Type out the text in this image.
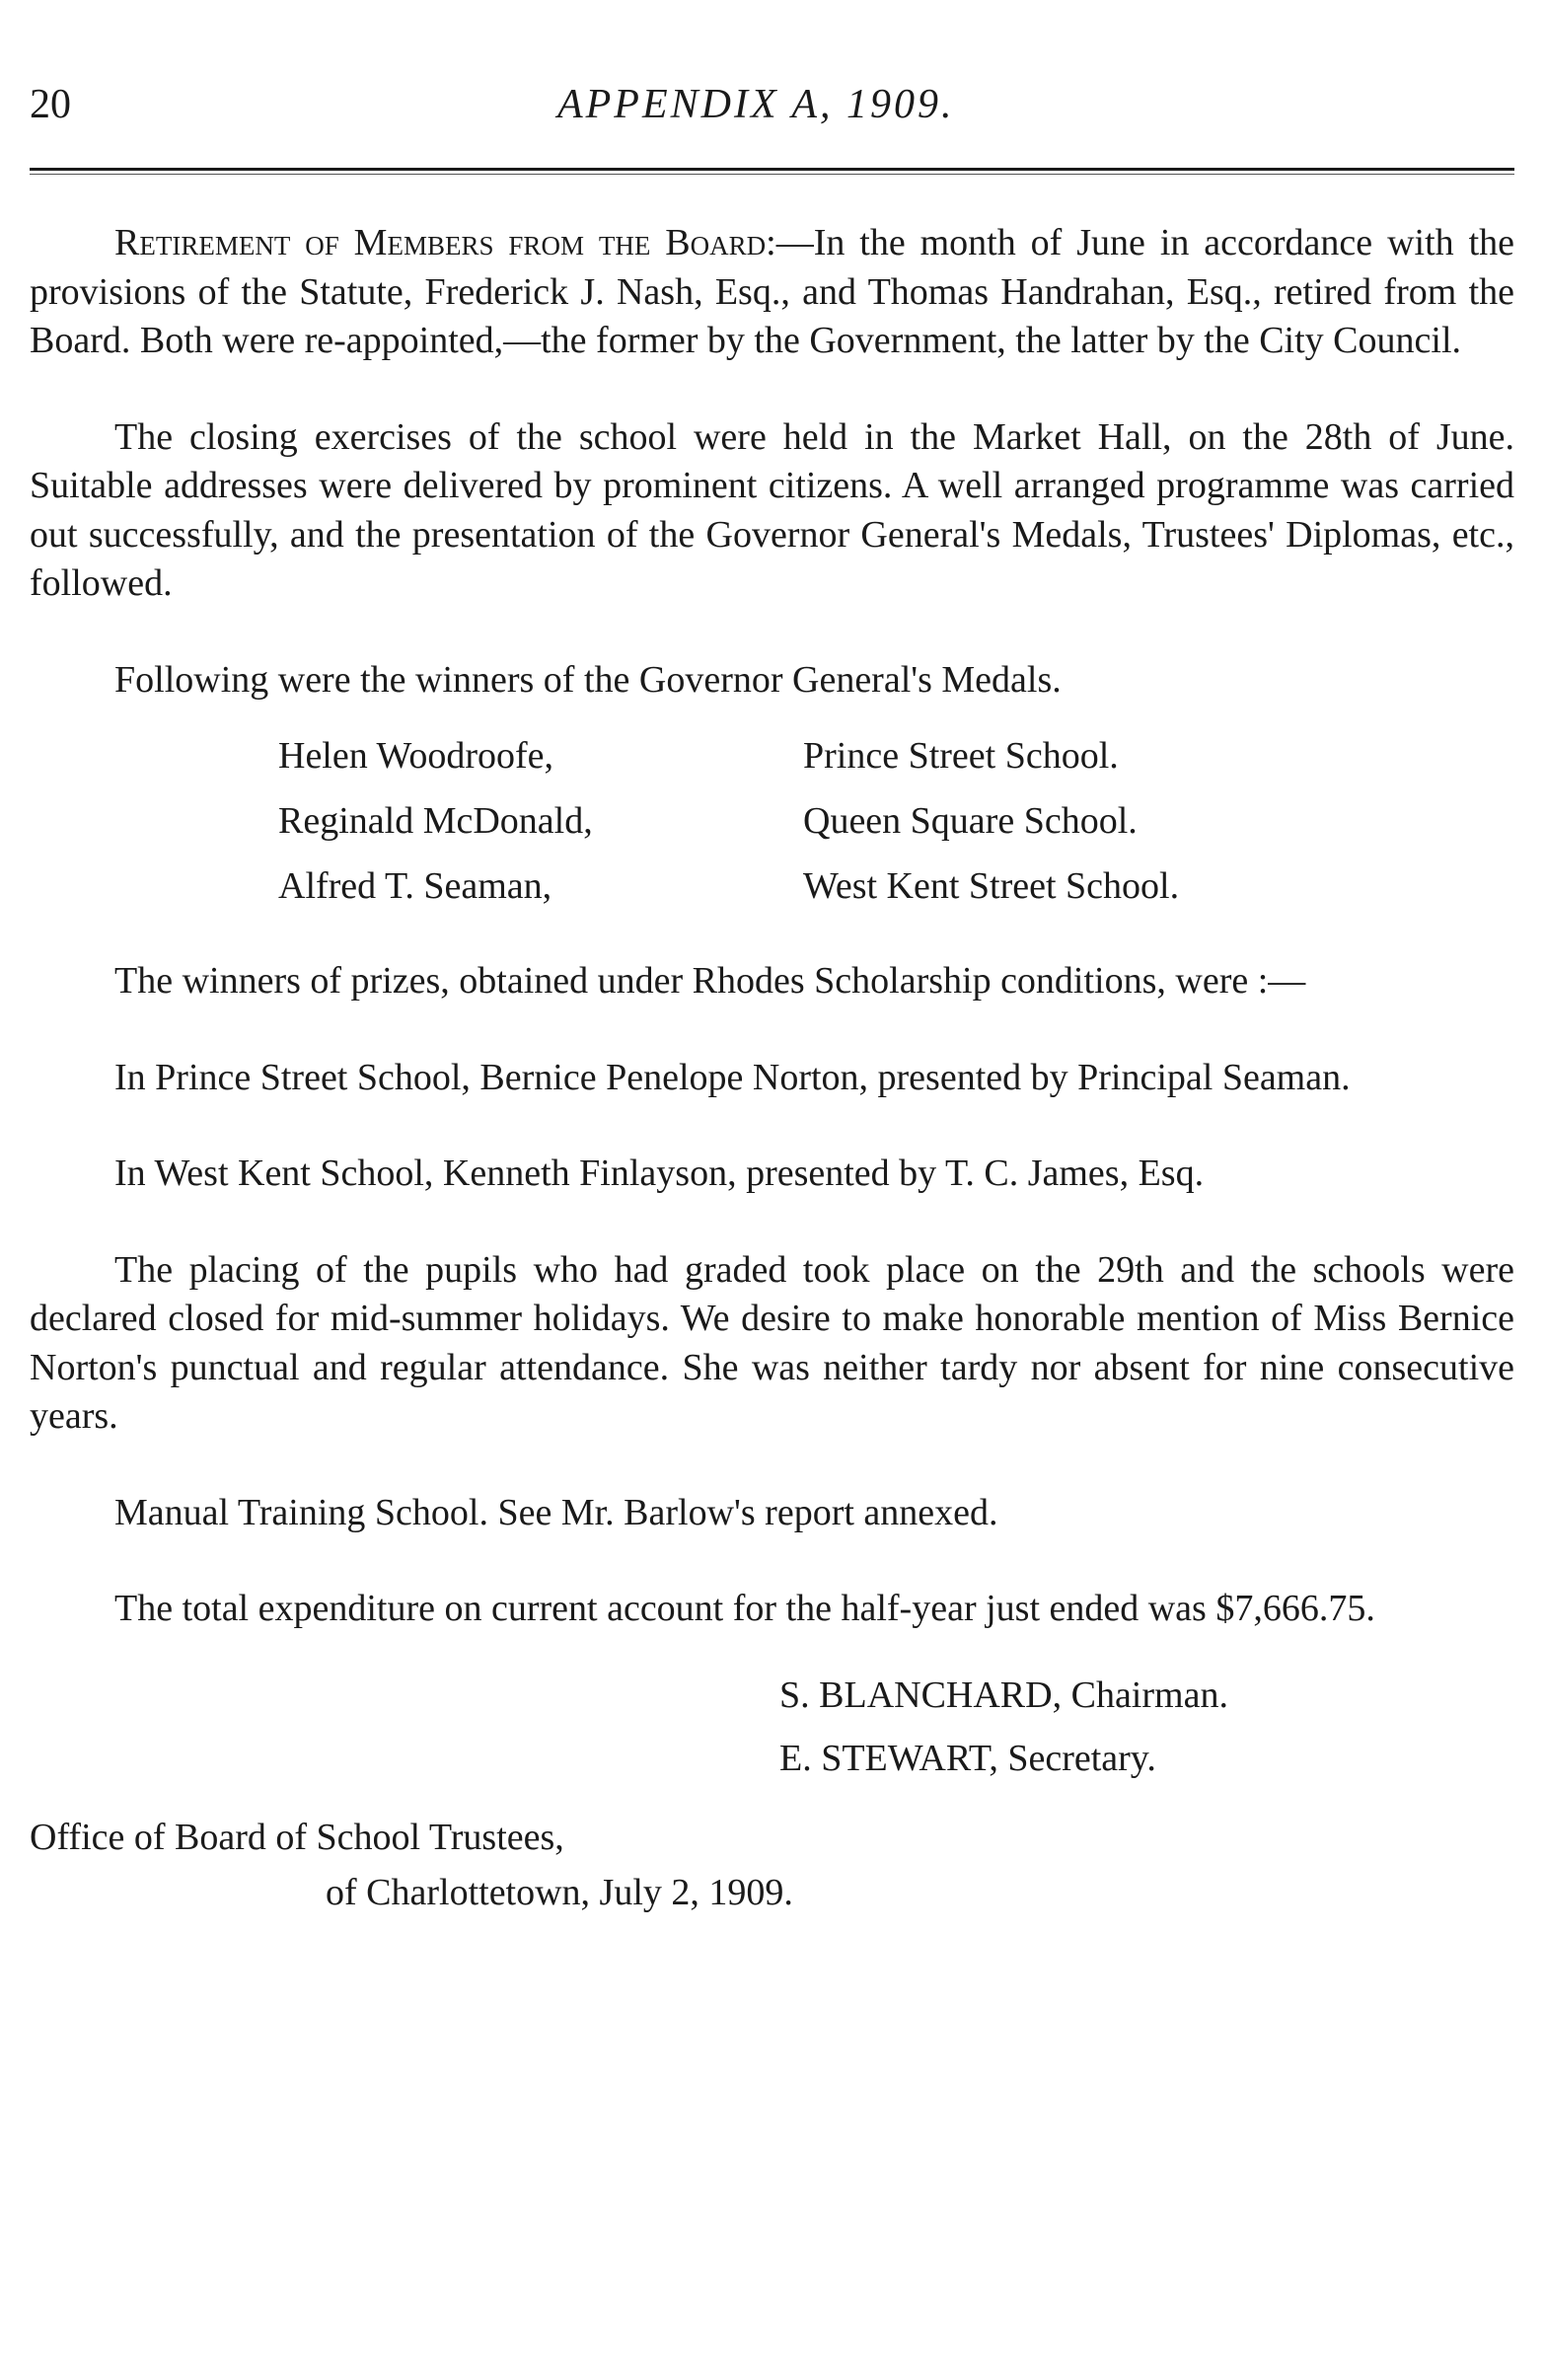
20	APPENDIX A, 1909.

Retirement of Members from the Board:—In the month of June in accordance with the provisions of the Statute, Frederick J. Nash, Esq., and Thomas Handrahan, Esq., retired from the Board. Both were re-appointed,—the former by the Government, the latter by the City Council.

The closing exercises of the school were held in the Market Hall, on the 28th of June. Suitable addresses were delivered by prominent citizens. A well arranged programme was carried out successfully, and the presentation of the Governor General's Medals, Trustees' Diplomas, etc., followed.

Following were the winners of the Governor General's Medals.

Helen Woodroofe,	Prince Street School.
Reginald McDonald,	Queen Square School.
Alfred T. Seaman,	West Kent Street School.

The winners of prizes, obtained under Rhodes Scholarship conditions, were :—

In Prince Street School, Bernice Penelope Norton, presented by Principal Seaman.

In West Kent School, Kenneth Finlayson, presented by T. C. James, Esq.

The placing of the pupils who had graded took place on the 29th and the schools were declared closed for mid-summer holidays. We desire to make honorable mention of Miss Bernice Norton's punctual and regular attendance. She was neither tardy nor absent for nine consecutive years.

Manual Training School. See Mr. Barlow's report annexed.

The total expenditure on current account for the half-year just ended was $7,666.75.

S. BLANCHARD, Chairman.
E. STEWART, Secretary.
Office of Board of School Trustees,
of Charlottetown, July 2, 1909.
